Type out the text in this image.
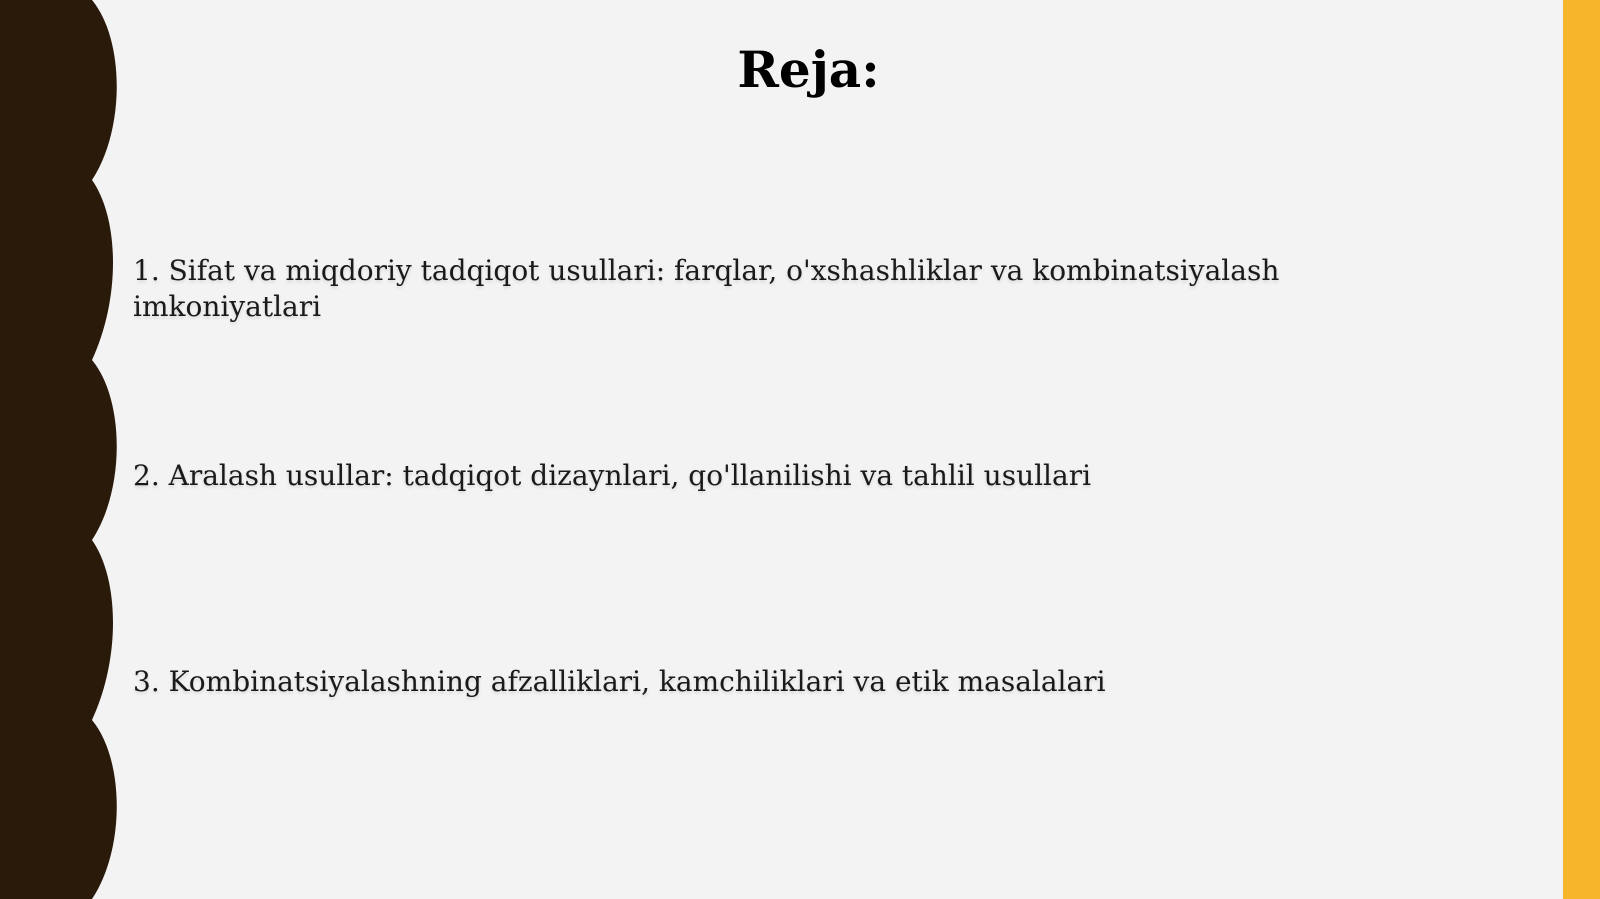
Reja:

1. Sifat va miqdoriy tadqiqot usullari: farqlar, o'xshashliklar va kombinatsiyalash imkoniyatlari

2. Aralash usullar: tadqiqot dizaynlari, qo'llanilishi va tahlil usullari

3. Kombinatsiyalashning afzalliklari, kamchiliklari va etik masalalari
